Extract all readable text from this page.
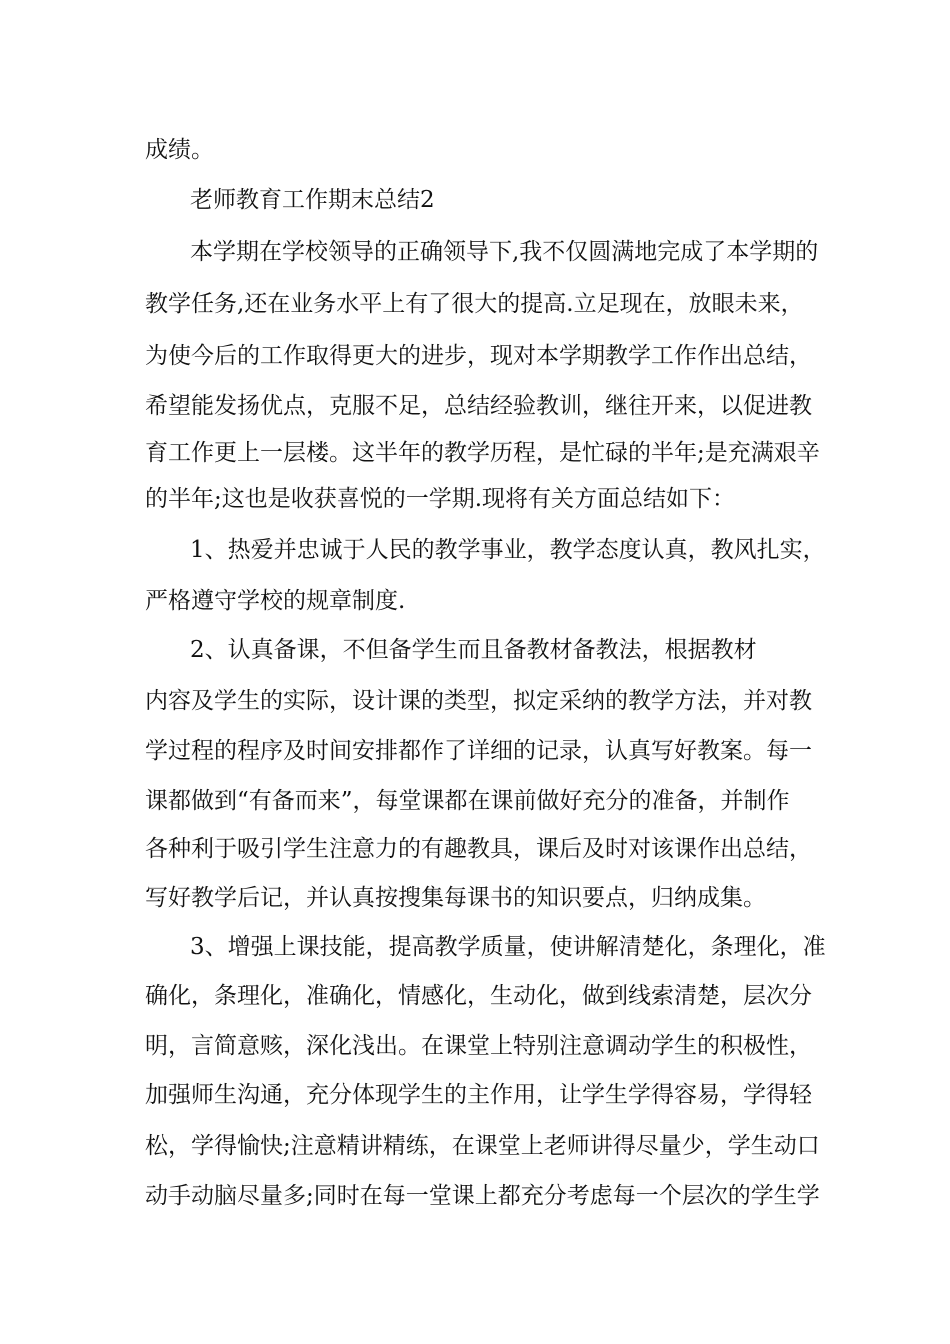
成绩。
老师教育工作期末总结2
本学期在学校领导的正确领导下,我不仅圆满地完成了本学期的
教学任务,还在业务水平上有了很大的提高.立足现在，放眼未来，
为使今后的工作取得更大的进步，现对本学期教学工作作出总结，
希望能发扬优点，克服不足，总结经验教训，继往开来，以促进教
育工作更上一层楼。这半年的教学历程，是忙碌的半年;是充满艰辛
的半年;这也是收获喜悦的一学期.现将有关方面总结如下：
1、热爱并忠诚于人民的教学事业，教学态度认真，教风扎实，
严格遵守学校的规章制度.
2、认真备课，不但备学生而且备教材备教法，根据教材
内容及学生的实际，设计课的类型，拟定采纳的教学方法，并对教
学过程的程序及时间安排都作了详细的记录，认真写好教案。每一
课都做到“有备而来”，每堂课都在课前做好充分的准备，并制作
各种利于吸引学生注意力的有趣教具，课后及时对该课作出总结，
写好教学后记，并认真按搜集每课书的知识要点，归纳成集。
3、增强上课技能，提高教学质量，使讲解清楚化，条理化，准
确化，条理化，准确化，情感化，生动化，做到线索清楚，层次分
明，言简意赅，深化浅出。在课堂上特别注意调动学生的积极性，
加强师生沟通，充分体现学生的主作用，让学生学得容易，学得轻
松，学得愉快;注意精讲精练，在课堂上老师讲得尽量少，学生动口
动手动脑尽量多;同时在每一堂课上都充分考虑每一个层次的学生学
